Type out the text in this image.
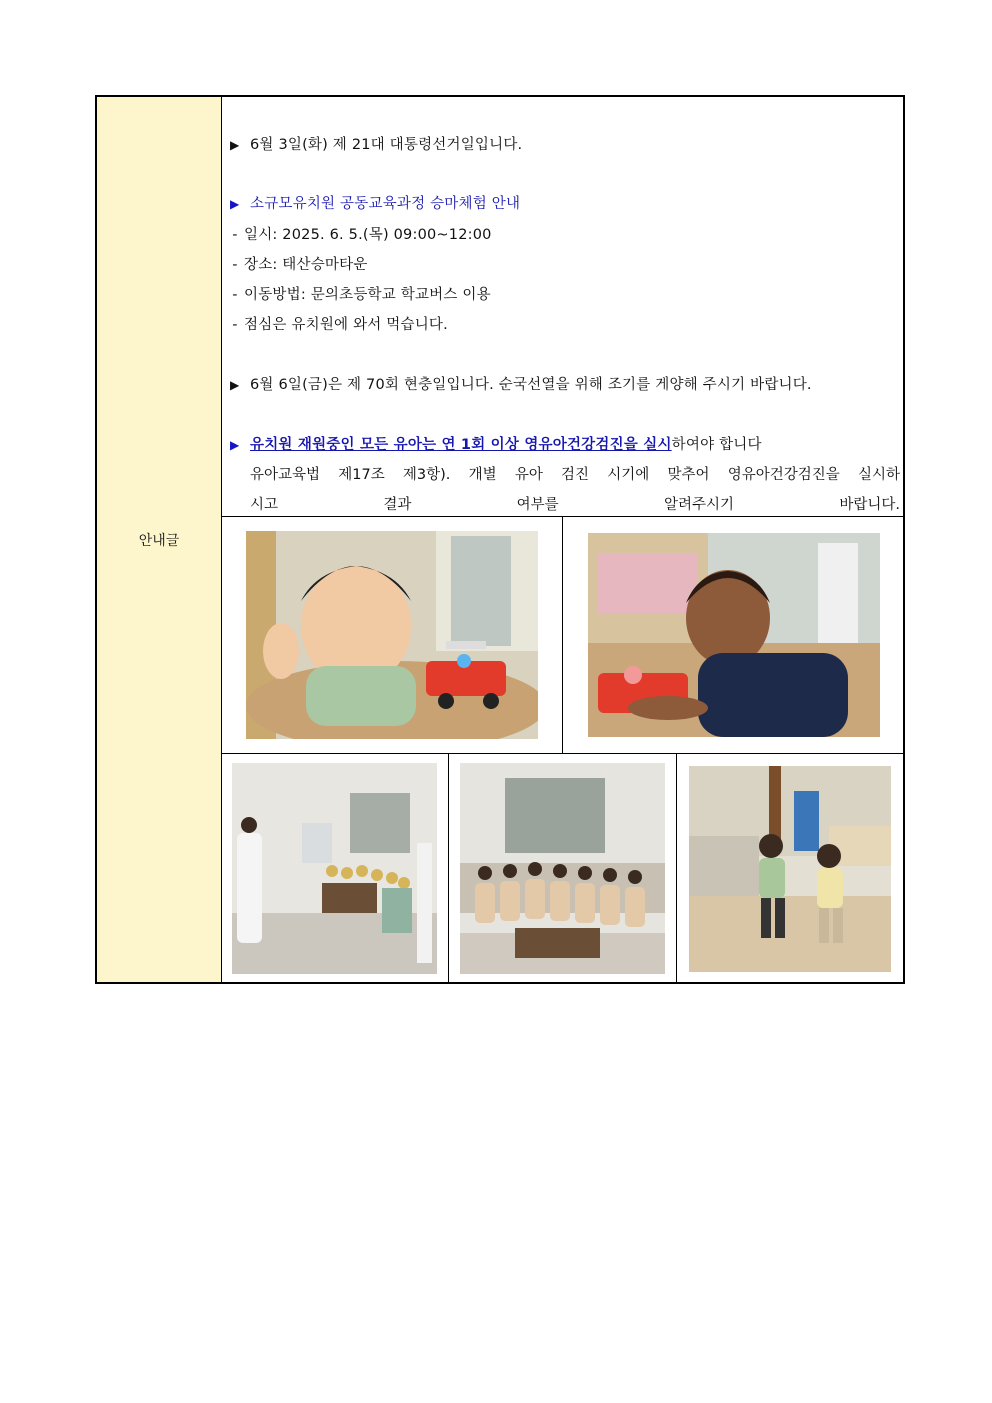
안내글
▶ 6월 3일(화) 제 21대 대통령선거일입니다.
▶ 소규모유치원 공동교육과정 승마체험 안내
- 일시: 2025. 6. 5.(목) 09:00~12:00
- 장소: 태산승마타운
- 이동방법: 문의초등학교 학교버스 이용
- 점심은 유치원에 와서 먹습니다.
▶ 6월 6일(금)은 제 70회 현충일입니다. 순국선열을 위해 조기를 게양해 주시기 바랍니다.
▶ 유치원 재원중인 모든 유아는 연 1회 이상 영유아건강검진을 실시하여야 합니다
유아교육법 제17조 제3항). 개별 유아 검진 시기에 맞추어 영유아건강검진을 실시하
시고 결과 여부를 알려주시기 바랍니다.
